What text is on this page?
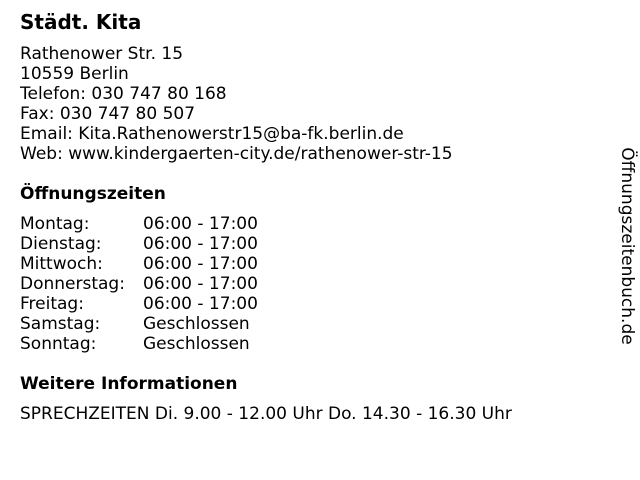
Städt. Kita
Rathenower Str. 15
10559 Berlin
Telefon: 030 747 80 168
Fax: 030 747 80 507
Email: Kita.Rathenowerstr15@ba-fk.berlin.de
Web: www.kindergaerten-city.de/rathenower-str-15
Öffnungszeiten
Montag:	06:00 - 17:00
Dienstag:	06:00 - 17:00
Mittwoch:	06:00 - 17:00
Donnerstag:	06:00 - 17:00
Freitag:	06:00 - 17:00
Samstag:	Geschlossen
Sonntag:	Geschlossen
Weitere Informationen
SPRECHZEITEN Di. 9.00 - 12.00 Uhr Do. 14.30 - 16.30 Uhr
Öffnungszeitenbuch.de
